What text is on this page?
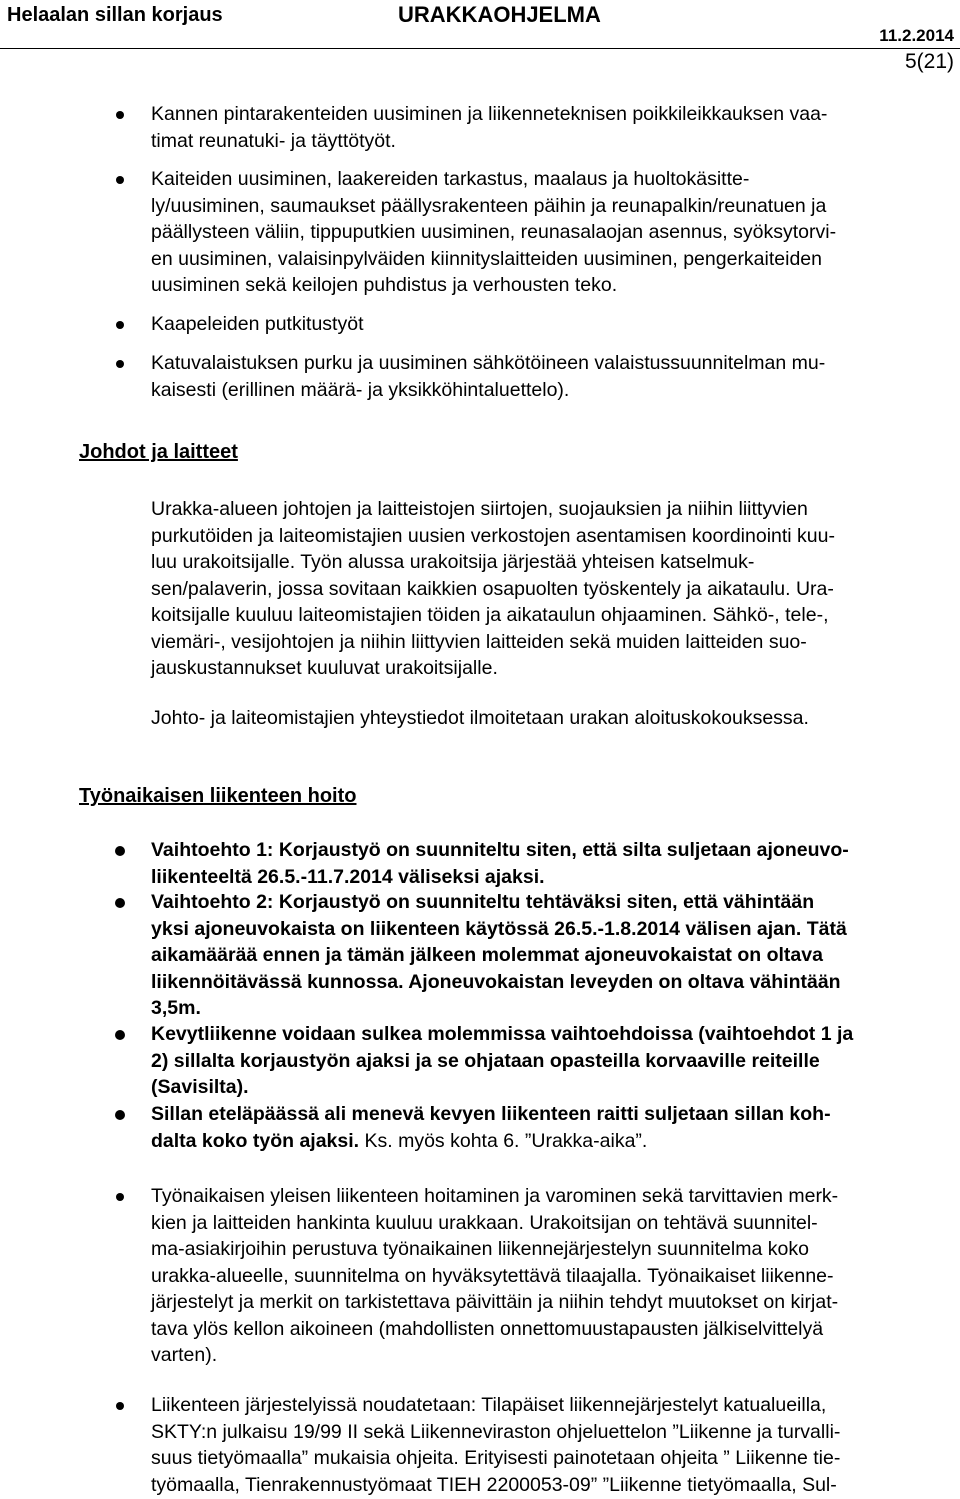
Helaalan sillan korjaus	URAKKAOHJELMA
11.2.2014
5(21)
Kannen pintarakenteiden uusiminen ja liikenneteknisen poikkileikkauksen vaa-
timat reunatuki- ja täyttötyöt.
Kaiteiden uusiminen, laakereiden tarkastus, maalaus ja huoltokäsitte-
ly/uusiminen, saumaukset päällysrakenteen päihin ja reunapalkin/reunatuen ja
päällysteen väliin, tippuputkien uusiminen, reunasalaojan asennus, syöksytorvi-
en uusiminen, valaisinpylväiden kiinnityslaitteiden uusiminen, pengerkaiteiden
uusiminen sekä keilojen puhdistus ja verhousten teko.
Kaapeleiden putkitustyöt
Katuvalaistuksen purku ja uusiminen sähkötöineen valaistussuunnitelman mu-
kaisesti (erillinen määrä- ja yksikköhintaluettelo).
Johdot ja laitteet
Urakka-alueen johtojen ja laitteistojen siirtojen, suojauksien ja niihin liittyvien
purkutöiden ja laiteomistajien uusien verkostojen asentamisen koordinointi kuu-
luu urakoitsijalle. Työn alussa urakoitsija järjestää yhteisen katselmuk-
sen/palaverin, jossa sovitaan kaikkien osapuolten työskentely ja aikataulu. Ura-
koitsijalle kuuluu laiteomistajien töiden ja aikataulun ohjaaminen. Sähkö-, tele-,
viemäri-, vesijohtojen ja niihin liittyvien laitteiden sekä muiden laitteiden suo-
jauskustannukset kuuluvat urakoitsijalle.
Johto- ja laiteomistajien yhteystiedot ilmoitetaan urakan aloituskokouksessa.
Työnaikaisen liikenteen hoito
Vaihtoehto 1: Korjaustyö on suunniteltu siten, että silta suljetaan ajoneuvo-
liikenteeltä 26.5.-11.7.2014 väliseksi ajaksi.
Vaihtoehto 2: Korjaustyö on suunniteltu tehtäväksi siten, että vähintään
yksi ajoneuvokaista on liikenteen käytössä 26.5.-1.8.2014 välisen ajan. Tätä
aikamäärää ennen ja tämän jälkeen molemmat ajoneuvokaistat on oltava
liikennöitävässä kunnossa. Ajoneuvokaistan leveyden on oltava vähintään
3,5m.
Kevytliikenne voidaan sulkea molemmissa vaihtoehdoissa (vaihtoehdot 1 ja
2) sillalta korjaustyön ajaksi ja se ohjataan opasteilla korvaaville reiteille
(Savisilta).
Sillan eteläpäässä ali menevä kevyen liikenteen raitti suljetaan sillan koh-
dalta koko työn ajaksi. Ks. myös kohta 6. ”Urakka-aika”.
Työnaikaisen yleisen liikenteen hoitaminen ja varominen sekä tarvittavien merk-
kien ja laitteiden hankinta kuuluu urakkaan. Urakoitsijan on tehtävä suunnitel-
ma-asiakirjoihin perustuva työnaikainen liikennejärjestelyn suunnitelma koko
urakka-alueelle, suunnitelma on hyväksytettävä tilaajalla. Työnaikaiset liikenne-
järjestelyt ja merkit on tarkistettava päivittäin ja niihin tehdyt muutokset on kirjat-
tava ylös kellon aikoineen (mahdollisten onnettomuustapausten jälkiselvittelyä
varten).
Liikenteen järjestelyissä noudatetaan: Tilapäiset liikennejärjestelyt katualueilla,
SKTY:n julkaisu 19/99 II sekä Liikenneviraston ohjeluettelon ”Liikenne ja turvalli-
suus tietyömaalla” mukaisia ohjeita. Erityisesti painotetaan ohjeita ” Liikenne tie-
työmaalla, Tienrakennustyömaat TIEH 2200053-09” ”Liikenne tietyömaalla, Sul-
